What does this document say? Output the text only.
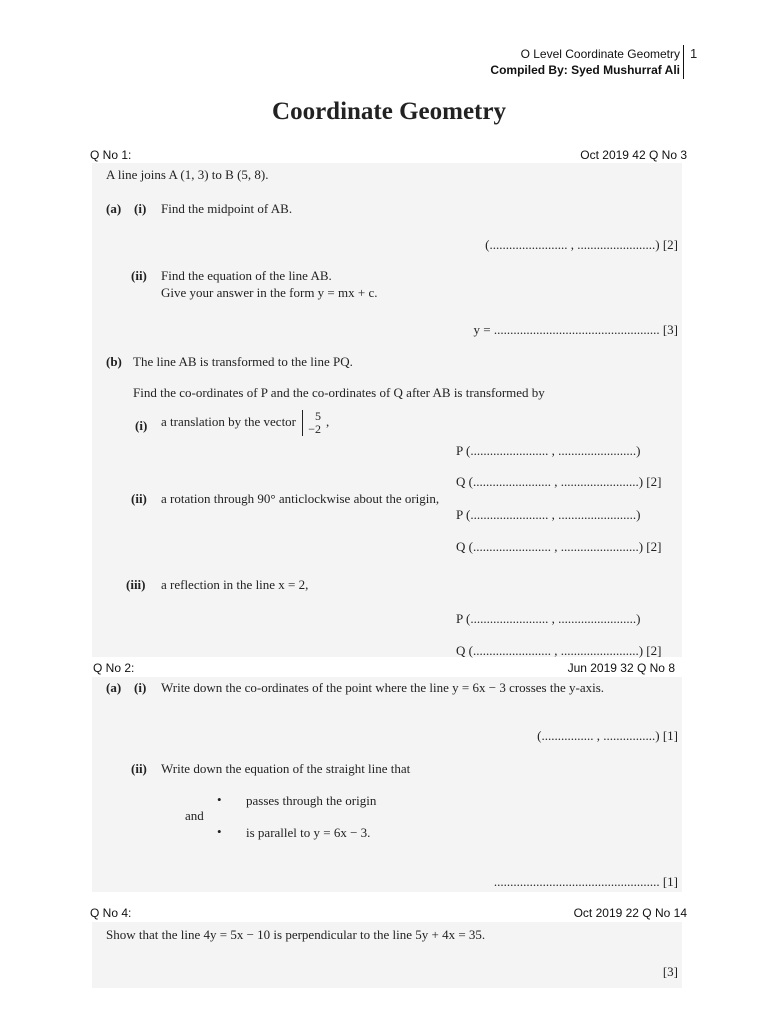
O Level Coordinate Geometry
Compiled By: Syed Mushurraf Ali
1
Coordinate Geometry
Q No 1:	Oct 2019 42 Q No 3
A line joins A (1, 3) to B (5, 8).
(a) (i) Find the midpoint of AB.
(........................ , ........................) [2]
(ii) Find the equation of the line AB.
Give your answer in the form y = mx + c.
y = ................................................... [3]
(b) The line AB is transformed to the line PQ.
Find the co-ordinates of P and the co-ordinates of Q after AB is transformed by
(i) a translation by the vector 5
−2
,
P (........................ , ........................)
Q (........................ , ........................) [2]
(ii) a rotation through 90° anticlockwise about the origin,
P (........................ , ........................)
Q (........................ , ........................) [2]
(iii) a reflection in the line x = 2,
P (........................ , ........................)
Q (........................ , ........................) [2]
Q No 2:	Jun 2019 32 Q No 8
(a) (i) Write down the co-ordinates of the point where the line y = 6x − 3 crosses the y-axis.
(................ , ................) [1]
(ii) Write down the equation of the straight line that
• passes through the origin
and
• is parallel to y = 6x − 3.
................................................... [1]
Q No 4:	Oct 2019 22 Q No 14
Show that the line 4y = 5x − 10 is perpendicular to the line 5y + 4x = 35.
[3]
